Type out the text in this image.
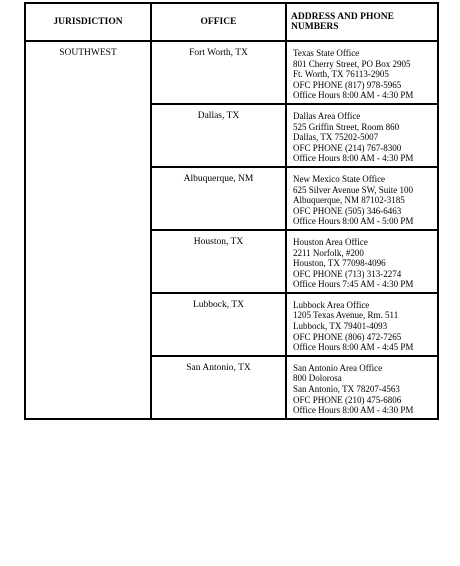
JURISDICTION	OFFICE	ADDRESS AND PHONE NUMBERS
SOUTHWEST	Fort Worth, TX	Texas State Office
801 Cherry Street, PO Box 2905
Ft. Worth, TX 76113-2905
OFC PHONE (817) 978-5965
Office Hours 8:00 AM - 4:30 PM

	Dallas, TX	Dallas Area Office
525 Griffin Street, Room 860
Dallas, TX 75202-5007
OFC PHONE (214) 767-8300
Office Hours 8:00 AM - 4:30 PM

	Albuquerque, NM	New Mexico State Office
625 Silver Avenue SW, Suite 100
Albuquerque, NM 87102-3185
OFC PHONE (505) 346-6463
Office Hours 8:00 AM - 5:00 PM

	Houston, TX	Houston Area Office
2211 Norfolk, #200
Houston, TX 77098-4096
OFC PHONE (713) 313-2274
Office Hours 7:45 AM - 4:30 PM

	Lubbock, TX	Lubbock Area Office
1205 Texas Avenue, Rm. 511
Lubbock, TX 79401-4093
OFC PHONE (806) 472-7265
Office Hours 8:00 AM - 4:45 PM

	San Antonio, TX	San Antonio Area Office
800 Dolorosa
San Antonio, TX 78207-4563
OFC PHONE (210) 475-6806
Office Hours 8:00 AM - 4:30 PM
